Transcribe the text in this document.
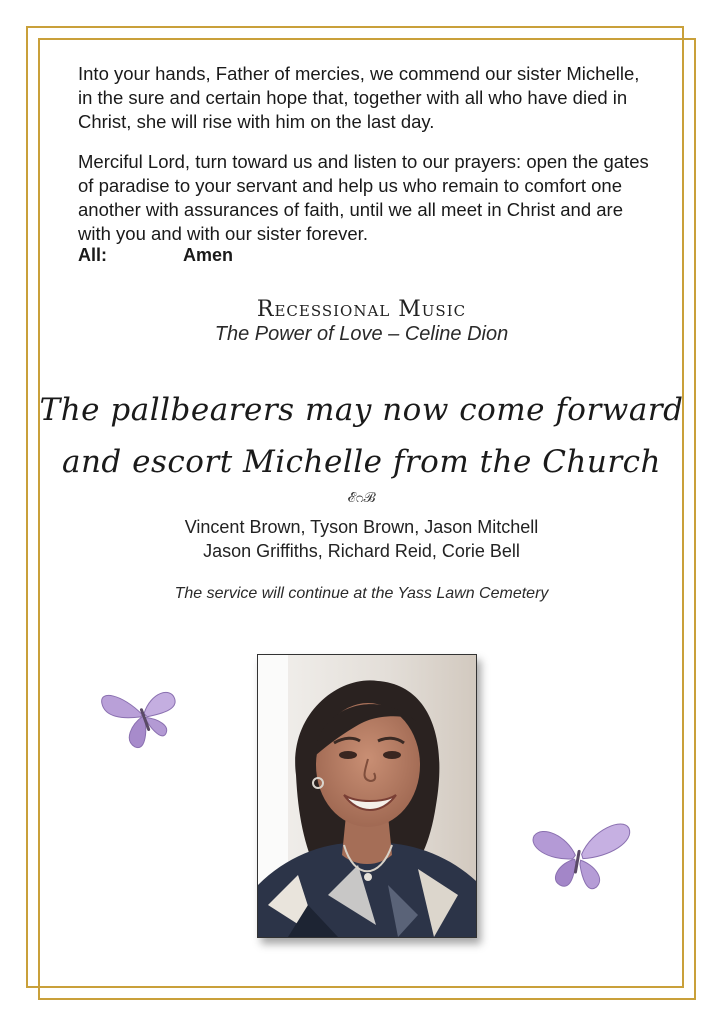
Into your hands, Father of mercies, we commend our sister Michelle, in the sure and certain hope that, together with all who have died in Christ, she will rise with him on the last day.
Merciful Lord, turn toward us and listen to our prayers: open the gates of paradise to your servant and help us who remain to comfort one another with assurances of faith, until we all meet in Christ and are with you and with our sister forever.
All:	Amen
Recessional Music
The Power of Love – Celine Dion
The pallbearers may now come forward
and escort Michelle from the Church
ℰ೧ℬ
Vincent Brown, Tyson Brown, Jason Mitchell
Jason Griffiths, Richard Reid, Corie Bell
The service will continue at the Yass Lawn Cemetery
